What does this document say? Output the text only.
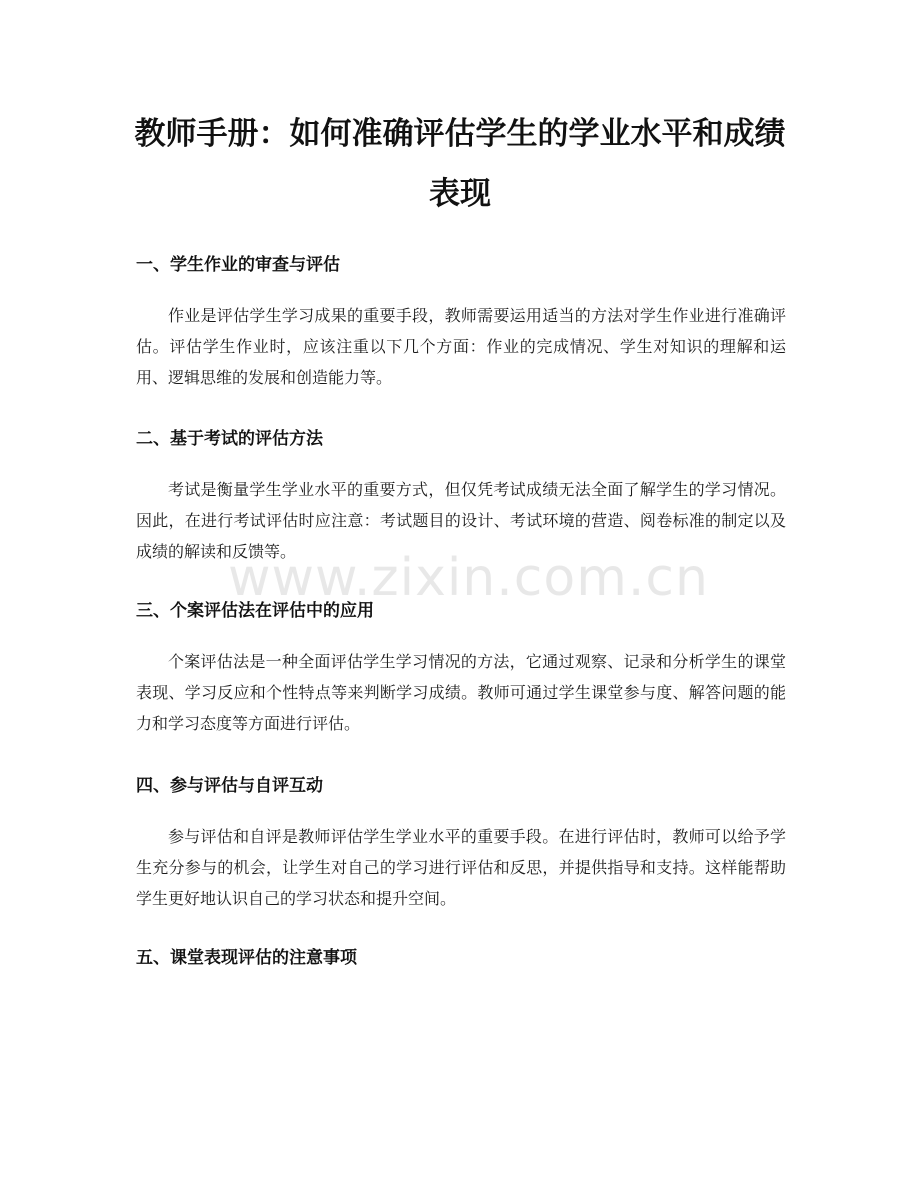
教师手册：如何准确评估学生的学业水平和成绩表现
一、学生作业的审查与评估

作业是评估学生学习成果的重要手段，教师需要运用适当的方法对学生作业进行准确评估。评估学生作业时，应该注重以下几个方面：作业的完成情况、学生对知识的理解和运用、逻辑思维的发展和创造能力等。

二、基于考试的评估方法

考试是衡量学生学业水平的重要方式，但仅凭考试成绩无法全面了解学生的学习情况。因此，在进行考试评估时应注意：考试题目的设计、考试环境的营造、阅卷标准的制定以及成绩的解读和反馈等。

三、个案评估法在评估中的应用

个案评估法是一种全面评估学生学习情况的方法，它通过观察、记录和分析学生的课堂表现、学习反应和个性特点等来判断学习成绩。教师可通过学生课堂参与度、解答问题的能力和学习态度等方面进行评估。

四、参与评估与自评互动

参与评估和自评是教师评估学生学业水平的重要手段。在进行评估时，教师可以给予学生充分参与的机会，让学生对自己的学习进行评估和反思，并提供指导和支持。这样能帮助学生更好地认识自己的学习状态和提升空间。

五、课堂表现评估的注意事项
www.zixin.com.cn
